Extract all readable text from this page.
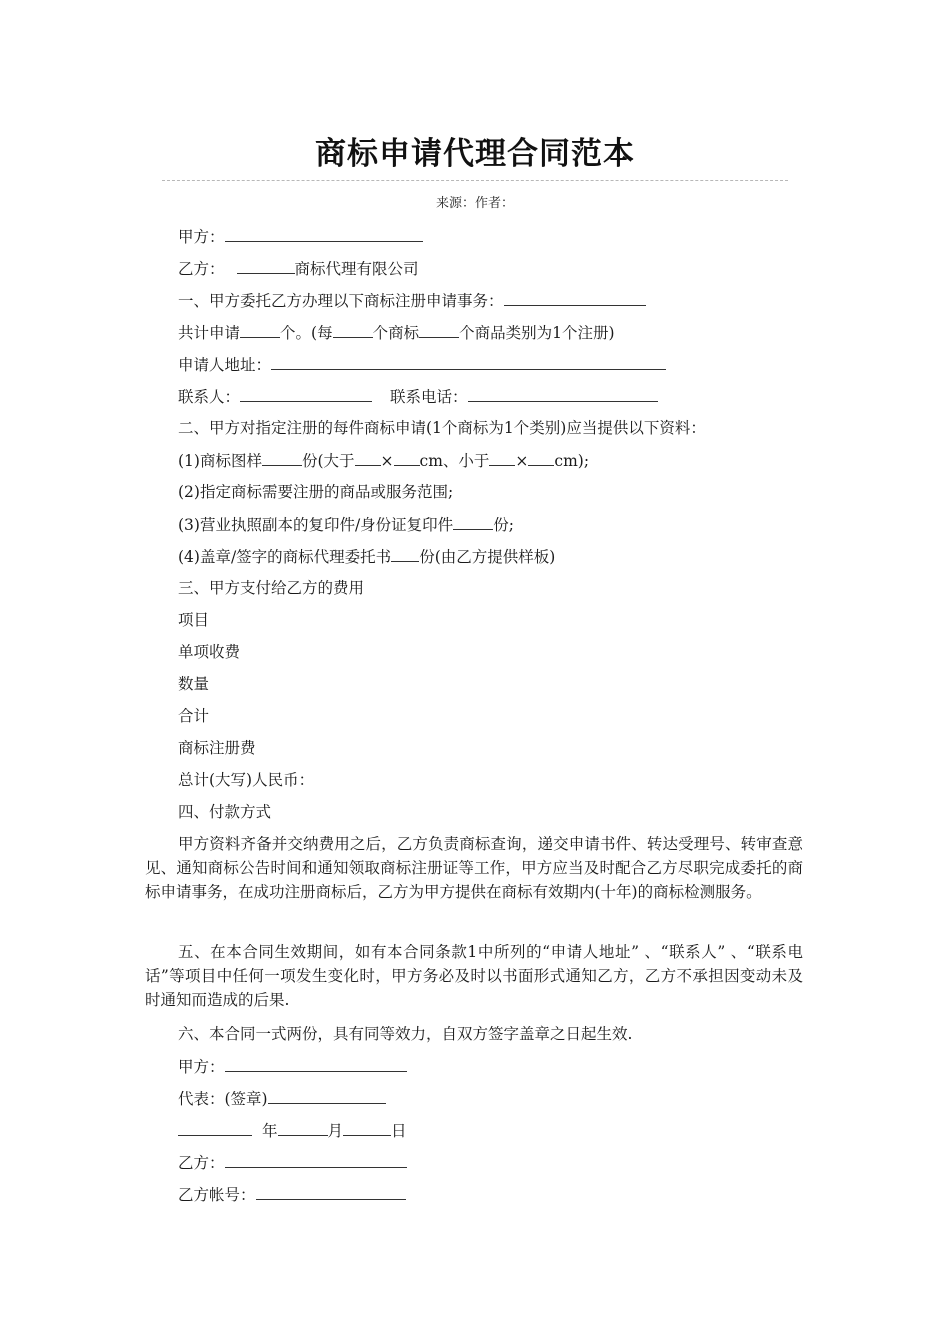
商标申请代理合同范本
来源：作者：
甲方：
乙方：	商标代理有限公司
一、甲方委托乙方办理以下商标注册申请事务：
共计申请	个。(每	个商标	个商品类别为1个注册)
申请人地址：
联系人：	联系电话：
二、甲方对指定注册的每件商标申请(1个商标为1个类别)应当提供以下资料：
(1)商标图样	份(大于 × cm、小于 × cm);
(2)指定商标需要注册的商品或服务范围;
(3)营业执照副本的复印件/身份证复印件	份;
(4)盖章/签字的商标代理委托书 份(由乙方提供样板)
三、甲方支付给乙方的费用
项目
单项收费
数量
合计
商标注册费
总计(大写)人民币：
四、付款方式
甲方资料齐备并交纳费用之后，乙方负责商标查询，递交申请书件、转达受理号、转审查意见、通知商标公告时间和通知领取商标注册证等工作，甲方应当及时配合乙方尽职完成委托的商标申请事务，在成功注册商标后，乙方为甲方提供在商标有效期内(十年)的商标检测服务。
五、在本合同生效期间，如有本合同条款1中所列的“申请人地址” 、“联系人” 、“联系电话”等项目中任何一项发生变化时，甲方务必及时以书面形式通知乙方，乙方不承担因变动未及时通知而造成的后果.
六、本合同一式两份，具有同等效力，自双方签字盖章之日起生效.
甲方：
代表：(签章)
年	月	日
乙方：
乙方帐号：
